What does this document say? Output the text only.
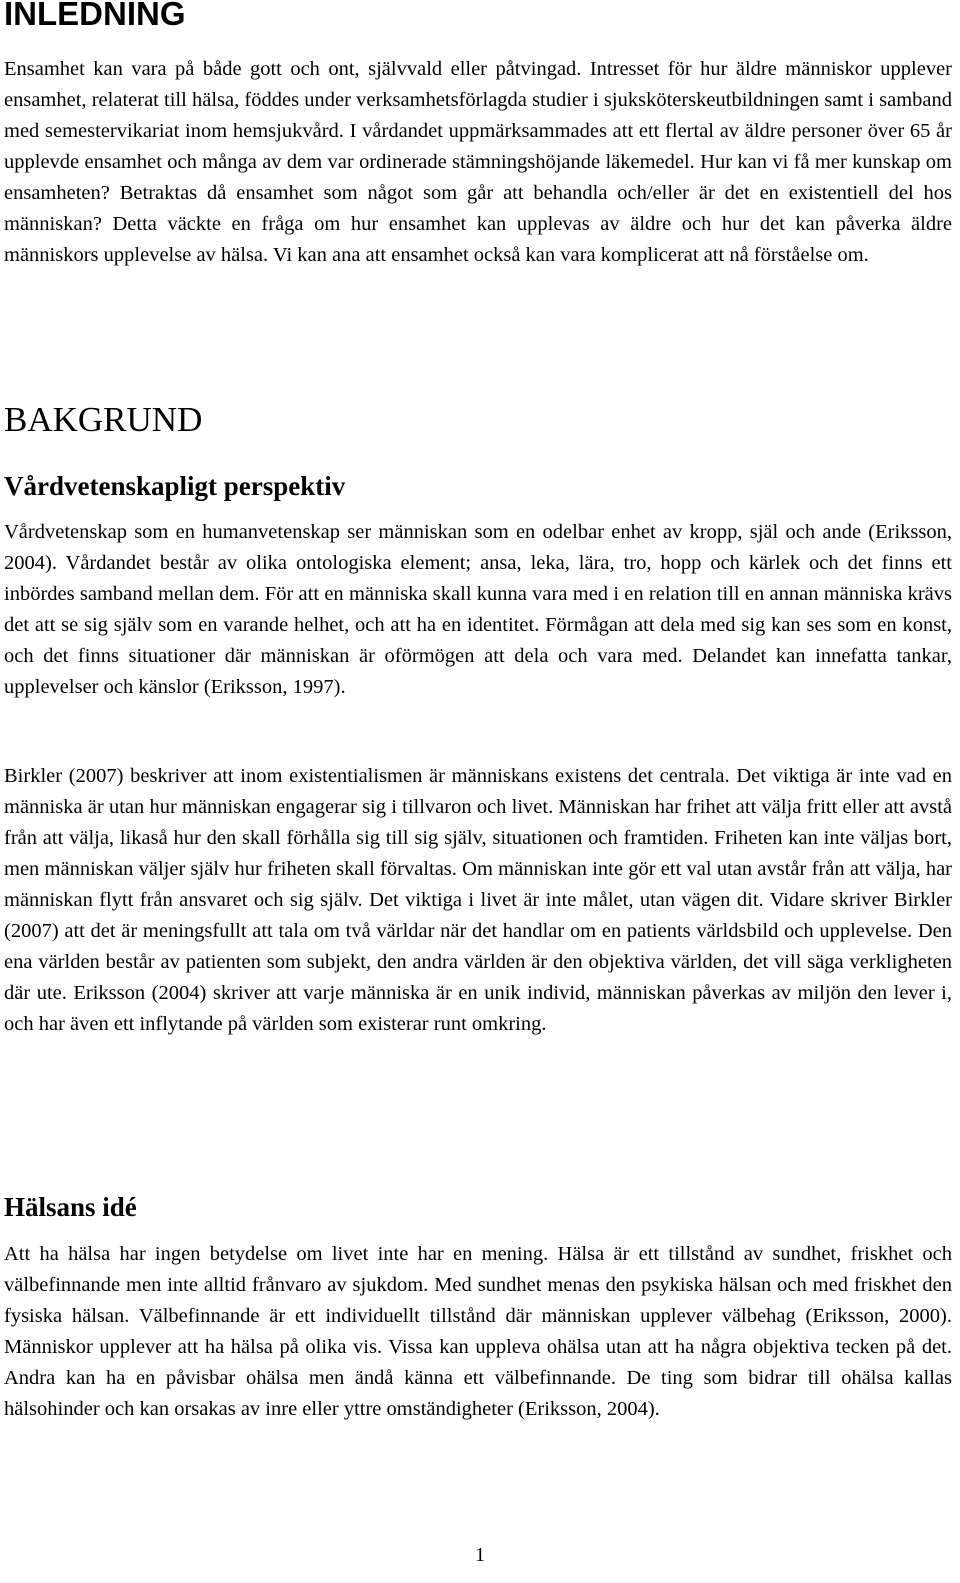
INLEDNING

Ensamhet kan vara på både gott och ont, självvald eller påtvingad. Intresset för hur äldre människor upplever ensamhet, relaterat till hälsa, föddes under verksamhetsförlagda studier i sjuksköterskeutbildningen samt i samband med semestervikariat inom hemsjukvård. I vårdandet uppmärksammades att ett flertal av äldre personer över 65 år upplevde ensamhet och många av dem var ordinerade stämningshöjande läkemedel. Hur kan vi få mer kunskap om ensamheten? Betraktas då ensamhet som något som går att behandla och/eller är det en existentiell del hos människan? Detta väckte en fråga om hur ensamhet kan upplevas av äldre och hur det kan påverka äldre människors upplevelse av hälsa. Vi kan ana att ensamhet också kan vara komplicerat att nå förståelse om.

BAKGRUND
Vårdvetenskapligt perspektiv

Vårdvetenskap som en humanvetenskap ser människan som en odelbar enhet av kropp, själ och ande (Eriksson, 2004). Vårdandet består av olika ontologiska element; ansa, leka, lära, tro, hopp och kärlek och det finns ett inbördes samband mellan dem. För att en människa skall kunna vara med i en relation till en annan människa krävs det att se sig själv som en varande helhet, och att ha en identitet. Förmågan att dela med sig kan ses som en konst, och det finns situationer där människan är oförmögen att dela och vara med. Delandet kan innefatta tankar, upplevelser och känslor (Eriksson, 1997).

Birkler (2007) beskriver att inom existentialismen är människans existens det centrala. Det viktiga är inte vad en människa är utan hur människan engagerar sig i tillvaron och livet. Människan har frihet att välja fritt eller att avstå från att välja, likaså hur den skall förhålla sig till sig själv, situationen och framtiden. Friheten kan inte väljas bort, men människan väljer själv hur friheten skall förvaltas. Om människan inte gör ett val utan avstår från att välja, har människan flytt från ansvaret och sig själv. Det viktiga i livet är inte målet, utan vägen dit. Vidare skriver Birkler (2007) att det är meningsfullt att tala om två världar när det handlar om en patients världsbild och upplevelse. Den ena världen består av patienten som subjekt, den andra världen är den objektiva världen, det vill säga verkligheten där ute. Eriksson (2004) skriver att varje människa är en unik individ, människan påverkas av miljön den lever i, och har även ett inflytande på världen som existerar runt omkring.

Hälsans idé

Att ha hälsa har ingen betydelse om livet inte har en mening. Hälsa är ett tillstånd av sundhet, friskhet och välbefinnande men inte alltid frånvaro av sjukdom. Med sundhet menas den psykiska hälsan och med friskhet den fysiska hälsan. Välbefinnande är ett individuellt tillstånd där människan upplever välbehag (Eriksson, 2000). Människor upplever att ha hälsa på olika vis. Vissa kan uppleva ohälsa utan att ha några objektiva tecken på det. Andra kan ha en påvisbar ohälsa men ändå känna ett välbefinnande. De ting som bidrar till ohälsa kallas hälsohinder och kan orsakas av inre eller yttre omständigheter (Eriksson, 2004).

1
